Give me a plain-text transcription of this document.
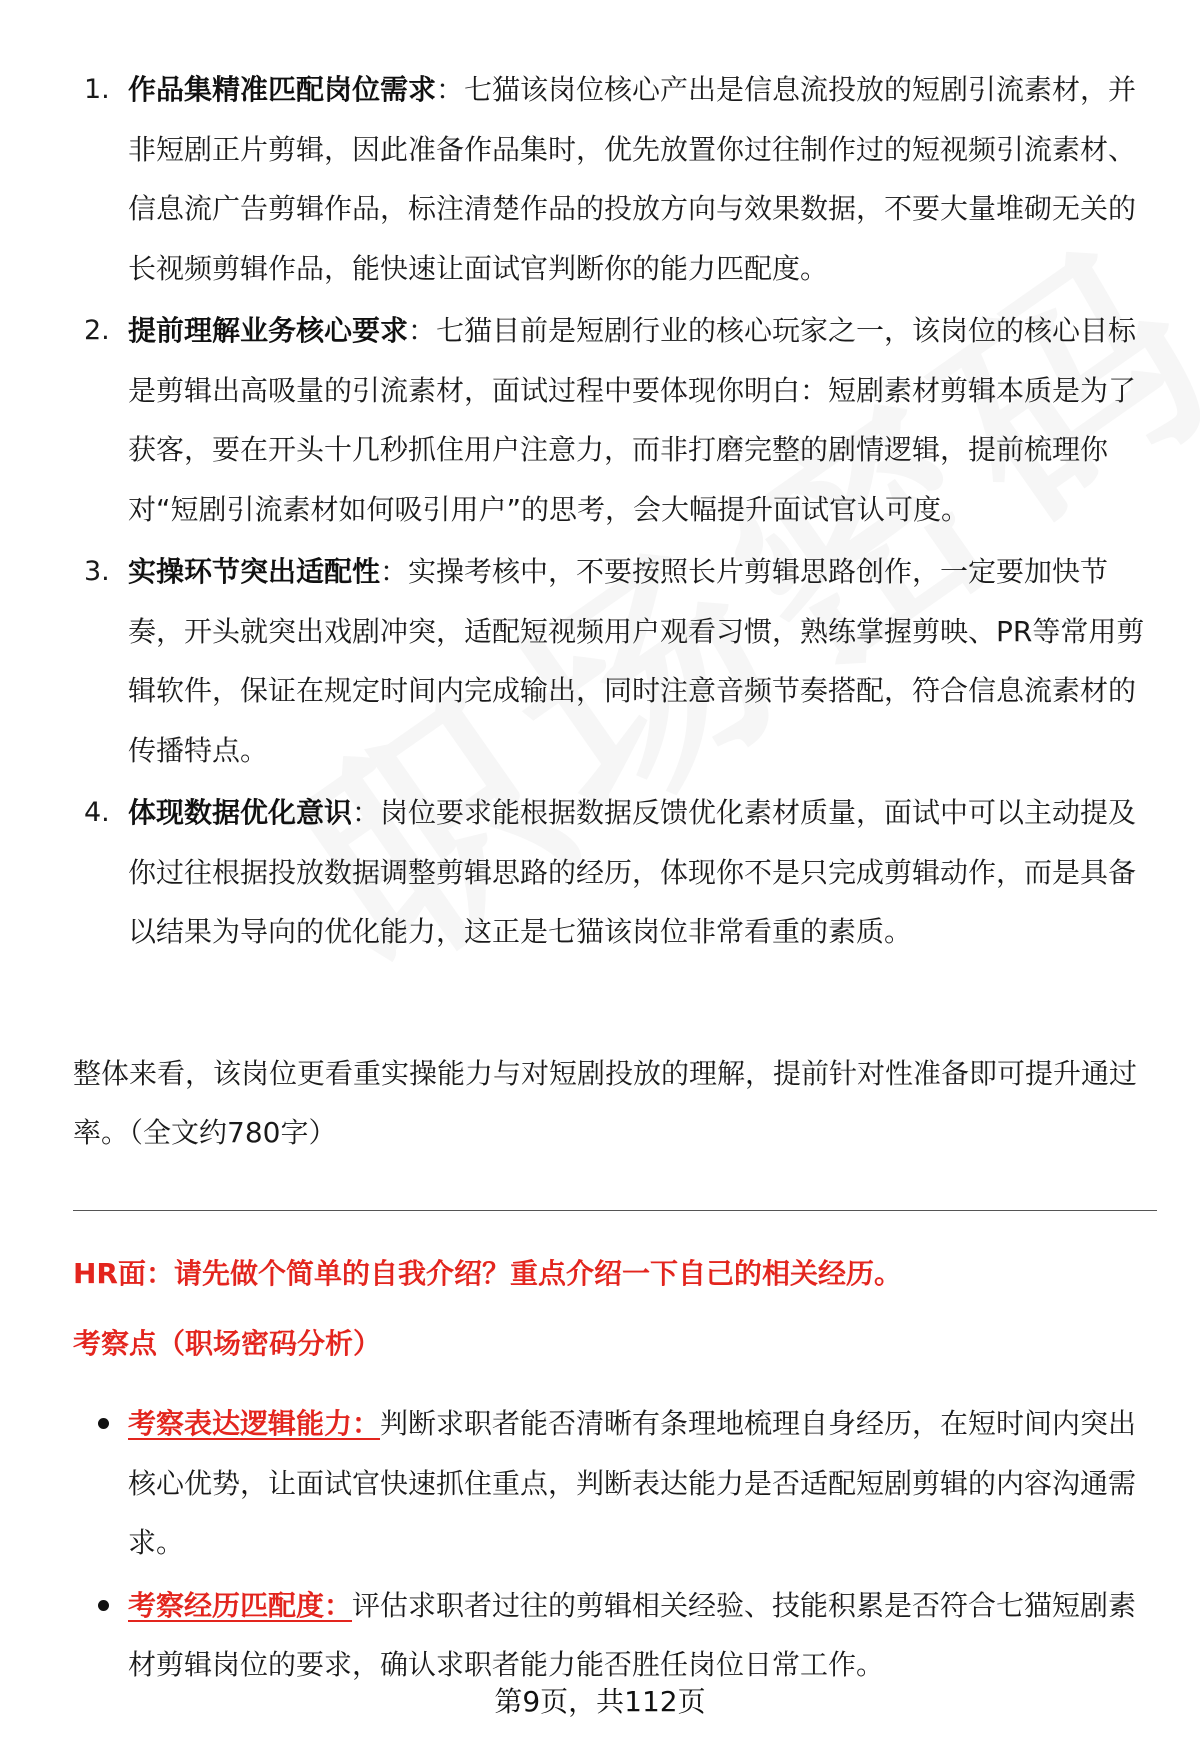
1. 作品集精准匹配岗位需求：七猫该岗位核心产出是信息流投放的短剧引流素材，并非短剧正片剪辑，因此准备作品集时，优先放置你过往制作过的短视频引流素材、信息流广告剪辑作品，标注清楚作品的投放方向与效果数据，不要大量堆砌无关的长视频剪辑作品，能快速让面试官判断你的能力匹配度。
2. 提前理解业务核心要求：七猫目前是短剧行业的核心玩家之一，该岗位的核心目标是剪辑出高吸量的引流素材，面试过程中要体现你明白：短剧素材剪辑本质是为了获客，要在开头十几秒抓住用户注意力，而非打磨完整的剧情逻辑，提前梳理你对“短剧引流素材如何吸引用户”的思考，会大幅提升面试官认可度。
3. 实操环节突出适配性：实操考核中，不要按照长片剪辑思路创作，一定要加快节奏，开头就突出戏剧冲突，适配短视频用户观看习惯，熟练掌握剪映、PR等常用剪辑软件，保证在规定时间内完成输出，同时注意音频节奏搭配，符合信息流素材的传播特点。
4. 体现数据优化意识：岗位要求能根据数据反馈优化素材质量，面试中可以主动提及你过往根据投放数据调整剪辑思路的经历，体现你不是只完成剪辑动作，而是具备以结果为导向的优化能力，这正是七猫该岗位非常看重的素质。

整体来看，该岗位更看重实操能力与对短剧投放的理解，提前针对性准备即可提升通过率。（全文约780字）

HR面：请先做个简单的自我介绍？重点介绍一下自己的相关经历。

考察点（职场密码分析）

考察表达逻辑能力：判断求职者能否清晰有条理地梳理自身经历，在短时间内突出核心优势，让面试官快速抓住重点，判断表达能力是否适配短剧剪辑的内容沟通需求。
考察经历匹配度：评估求职者过往的剪辑相关经验、技能积累是否符合七猫短剧素材剪辑岗位的要求，确认求职者能力能否胜任岗位日常工作。
第9页，共112页
